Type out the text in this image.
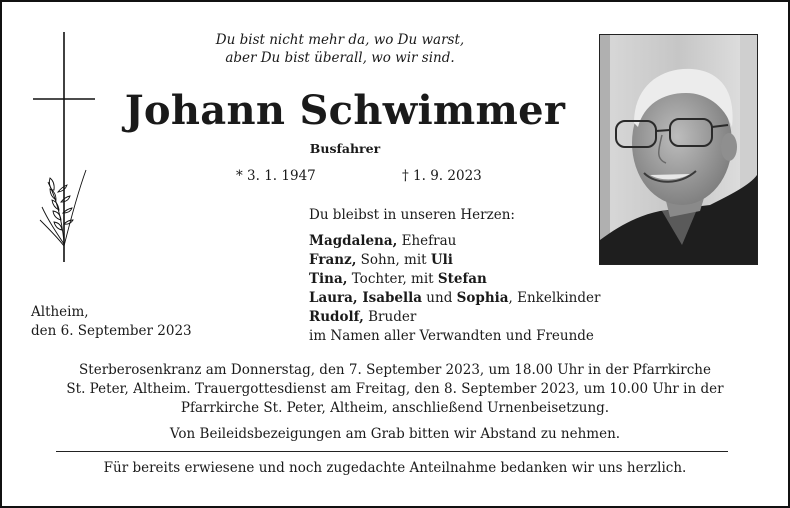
Du bist nicht mehr da, wo Du warst,
aber Du bist überall, wo wir sind.
Johann Schwimmer
Busfahrer
* 3. 1. 1947	† 1. 9. 2023
Du bleibst in unseren Herzen:
Magdalena, Ehefrau
Franz, Sohn, mit Uli
Tina, Tochter, mit Stefan
Laura, Isabella und Sophia, Enkelkinder
Rudolf, Bruder
im Namen aller Verwandten und Freunde
Altheim,
den 6. September 2023
Sterberosenkranz am Donnerstag, den 7. September 2023, um 18.00 Uhr in der Pfarrkirche
St. Peter, Altheim. Trauergottesdienst am Freitag, den 8. September 2023, um 10.00 Uhr in der
Pfarrkirche St. Peter, Altheim, anschließend Urnenbeisetzung.
Von Beileidsbezeigungen am Grab bitten wir Abstand zu nehmen.
Für bereits erwiesene und noch zugedachte Anteilnahme bedanken wir uns herzlich.
